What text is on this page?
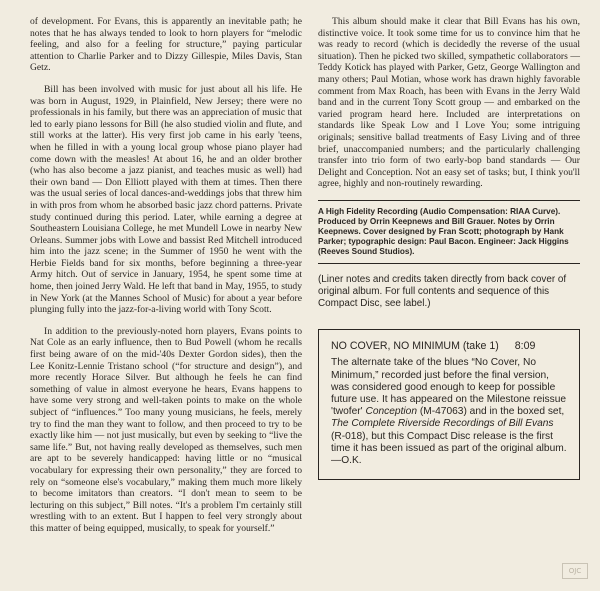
of development. For Evans, this is apparently an inevitable path; he notes that he has always tended to look to horn players for “melodic feeling, and also for a feeling for structure,” paying particular attention to Charlie Parker and to Dizzy Gillespie, Miles Davis, Stan Getz.

Bill has been involved with music for just about all his life. He was born in August, 1929, in Plainfield, New Jersey; there were no professionals in his family, but there was an appreciation of music that led to early piano lessons for Bill (he also studied violin and flute, and still works at the latter). His very first job came in his early 'teens, when he filled in with a young local group whose piano player had come down with the measles! At about 16, he and an older brother (who has also become a jazz pianist, and teaches music as well) had their own band — Don Elliott played with them at times. Then there was the usual series of local dances-and-weddings jobs that threw him in with pros from whom he absorbed basic jazz chord patterns. Private study continued during this period. Later, while earning a degree at Southeastern Louisiana College, he met Mundell Lowe in nearby New Orleans. Summer jobs with Lowe and bassist Red Mitchell introduced him into the jazz scene; in the Summer of 1950 he went with the Herbie Fields band for six months, before beginning a three-year Army hitch. Out of service in January, 1954, he spent some time at home, then joined Jerry Wald. He left that band in May, 1955, to study in New York (at the Mannes School of Music) for about a year before plunging fully into the jazz-for-a-living world with Tony Scott.

In addition to the previously-noted horn players, Evans points to Nat Cole as an early influence, then to Bud Powell (whom he recalls first being aware of on the mid-'40s Dexter Gordon sides), then the Lee Konitz-Lennie Tristano school (“for structure and design”), and more recently Horace Silver. But although he feels he can find something of value in almost everyone he hears, Evans happens to have some very strong and well-taken points to make on the whole subject of “influences.” Too many young musicians, he feels, merely try to find the man they want to follow, and then proceed to try to be exactly like him — not just musically, but even by seeking to “live the same life.” But, not having really developed as themselves, such men are apt to be severely handicapped: having little or no “musical vocabulary for expressing their own personality,” they are forced to rely on “someone else's vocabulary,” making them much more likely to become imitators than creators. “I don't mean to seem to be lecturing on this subject,” Bill notes. “It's a problem I'm certainly still wrestling with to an extent. But I happen to feel very strongly about this matter of being equipped, musically, to speak for yourself.”

This album should make it clear that Bill Evans has his own, distinctive voice. It took some time for us to convince him that he was ready to record (which is decidedly the reverse of the usual situation). Then he picked two skilled, sympathetic collaborators — Teddy Kotick has played with Parker, Getz, George Wallington and many others; Paul Motian, whose work has drawn highly favorable comment from Max Roach, has been with Evans in the Jerry Wald band and in the current Tony Scott group — and embarked on the varied program heard here. Included are interpretations on standards like Speak Low and I Love You; some intriguing originals; sensitive ballad treatments of Easy Living and of three brief, unaccompanied numbers; and the particularly challenging transfer into trio form of two early-bop band standards — Our Delight and Conception. Not an easy set of tasks; but, I think you'll agree, highly and non-routinely rewarding.

A High Fidelity Recording (Audio Compensation: RIAA Curve). Produced by Orrin Keepnews and Bill Grauer. Notes by Orrin Keepnews. Cover designed by Fran Scott; photograph by Hank Parker; typographic design: Paul Bacon. Engineer: Jack Higgins (Reeves Sound Studios).
(Liner notes and credits taken directly from back cover of original album. For full contents and sequence of this Compact Disc, see label.)
NO COVER, NO MINIMUM (take 1) 8:09
The alternate take of the blues “No Cover, No Minimum,” recorded just before the final version, was considered good enough to keep for possible future use. It has appeared on the Milestone reissue 'twofer' Conception (M-47063) and in the boxed set, The Complete Riverside Recordings of Bill Evans (R-018), but this Compact Disc release is the first time it has been issued as part of the original album.—O.K.
OJC
